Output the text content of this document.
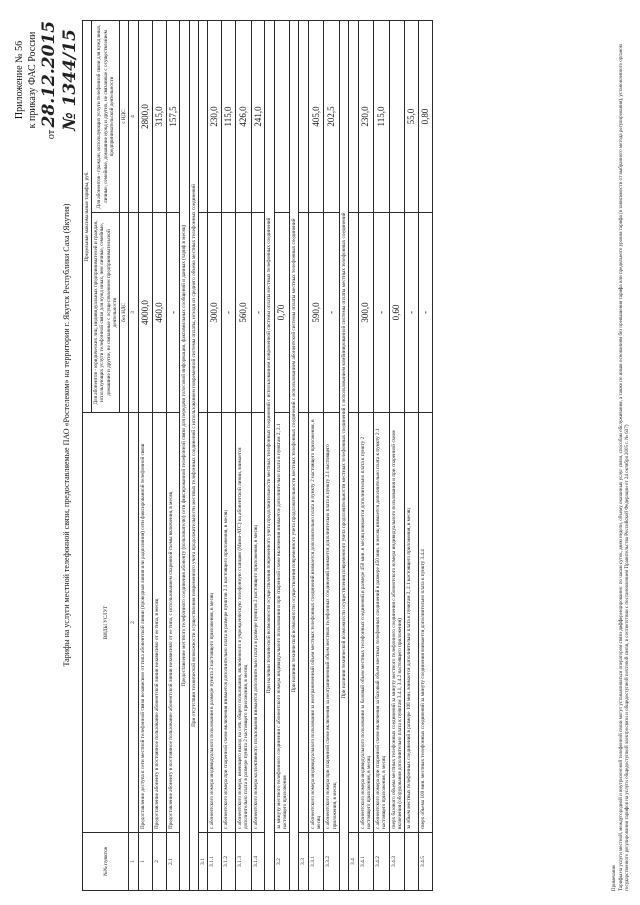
Приложение № 56 к приказу ФАС России
от 28.12.2015 № 1344/15
Тарифы на услуги местной телефонной связи, предоставляемые ПАО «Ростелеком» на территории г. Якутск Республики Саха (Якутия)
№№ пунктов	ВИДЫ УСЛУГ	Предельные максимальные тарифы, руб.	
		Для абонентов - юридических лиц, индивидуальных предпринимателей и граждан, использующих услуги телефонной связи для нужд иных, чем личные, семейные, домашние и другие, не связанные с осуществлением предпринимательской деятельности	Для абонентов - граждан, использующих услуги телефонной связи для нужд иных, личные, семейные, домашние нужд и других, не связанные с осуществлением предпринимательской деятельности
		без НДС	с НДС
1	2	3	4
1	Предоставление доступа к сети местной телефонной связи независимо от типа абонентской линии (проводная линия или радиолиния) сети фиксированной телефонной связи	4000,0	2800,0
2	Предоставление абоненту в постоянное пользование абонентской линии независимо от ее типа, в месяц	460,0	315,0
2.1	Предоставление абоненту в постоянное пользование абонентской линии независимо от ее типа, с использованием спаренной схемы включения, в месяц	-	157,5
Предоставление местного телефонного соединения абоненту (пользователю) сети фиксированной телефонной связи для передачи голосовой информации, факсимильных сообщений и данных (тариф в месяц)			
При отсутствии технической возможности осуществления повременного учета продолжительности местных телефонных соединений с использованием повременной системы оплаты, исходя из среднего объема местных телефонных соединений			
3.1			
3.1.1	с абонентского номера индивидуального пользования в размере пункта 2 настоящего приложения, в месяц	300,0	230,0
3.1.2	с абонентского номера при спаренной схеме включения взимается дополнительно плата в размере пунктов 2.1 настоящего приложения, в месяц	-	115,0
3.1.3	с абонентского номера, имеющего выход на сеть общего пользования, включенного в учрежденческую телефонную станцию (Мини-АТС) на абонентской линии, взимается дополнительно плата в размере пункта 2 настоящего приложения, в месяц	560,0	426,0
3.1.4	с абонентского номера коллективного пользования взимается дополнительно плата в размере пунктов 2 настоящего приложения, в месяц	-	241,0
При наличии технической возможности осуществления повременного учета продолжительности местных телефонных соединений с использованием повременной системы оплаты местных телефонных соединений			
3.2	за минуту местного телефонного соединения с абонентского номера индивидуального пользования и при спаренной схеме включения взимается дополнительно плата в пунктам 2, 2.1 настоящего приложения	0,70	
При наличии технической возможности осуществления повременного учета продолжительности местных телефонных соединений с использованием абонентской системы оплаты местных телефонных соединений			
3.3			
3.3.1	с абонентского номера индивидуального пользования за неограниченный объем местных телефонных соединений взимается дополнительно плата в пункту 2 настоящего приложения, в месяц	590,0	405,0
3.3.2	с абонентского номера при спаренной схеме включения за неограниченный объем местных телефонных соединений взимается дополнительно плата в пункту 2.1 настоящего приложения, в месяц	-	202,5
При наличии технической возможности осуществления повременного учета продолжительности местных телефонных соединений с использованием комбинированной системы оплаты местных телефонных соединений			
3.4			
3.4.1	с абонентского номера индивидуального пользования за базовый объем местных телефонных соединений в размере 450 мин. в месяц взимается дополнительно плата к пункту 2 настоящего приложения, в месяц	300,0	230,0
3.4.2	с абонентского номера при спаренной схеме включения за базовый объем местных телефонных соединений в размере 450 мин. в месяц взимается дополнительно плата к пункту 2.1 настоящего приложения, в месяц	-	115,0
3.4.3	сверх базового объема местных телефонных соединений за минуту местного телефонного соединения с абонентского номера индивидуального пользования и при спаренной схеме включения (оборудования дополнительно плата к пунктам 3.4.1, 3.4.2 настоящего приложения)	0,60	
	за объем местных телефонных соединений в размере 100 мин. взимается дополнительно плата к пунктам 2, 2.1 настоящего приложения, в месяц	-	55,0
3.4.5	сверх объема 100 мин. местных телефонных соединений за минуту соединения взимается дополнительно плата к пункту 3.4.4	-	0,80
Примечание Тарифы на услуги местной, междугородной и внутризоновой телефонной связи могут устанавливаться оператором связи дифференцированно: по часам суток, дням недели, объему оказанных услуг связи, способам обслуживания, а также по иным основаниям без превышения тарифа или предельного уровня тарифа (в зависимости от выбранного метода регулирования), установленного органом государственного регулирования тарифов на услуги общедоступной электросвязи и общедоступной почтовой связи, в соответствии с постановлением Правительства Российской Федерации от 24 октября 2005 г. № 637)
